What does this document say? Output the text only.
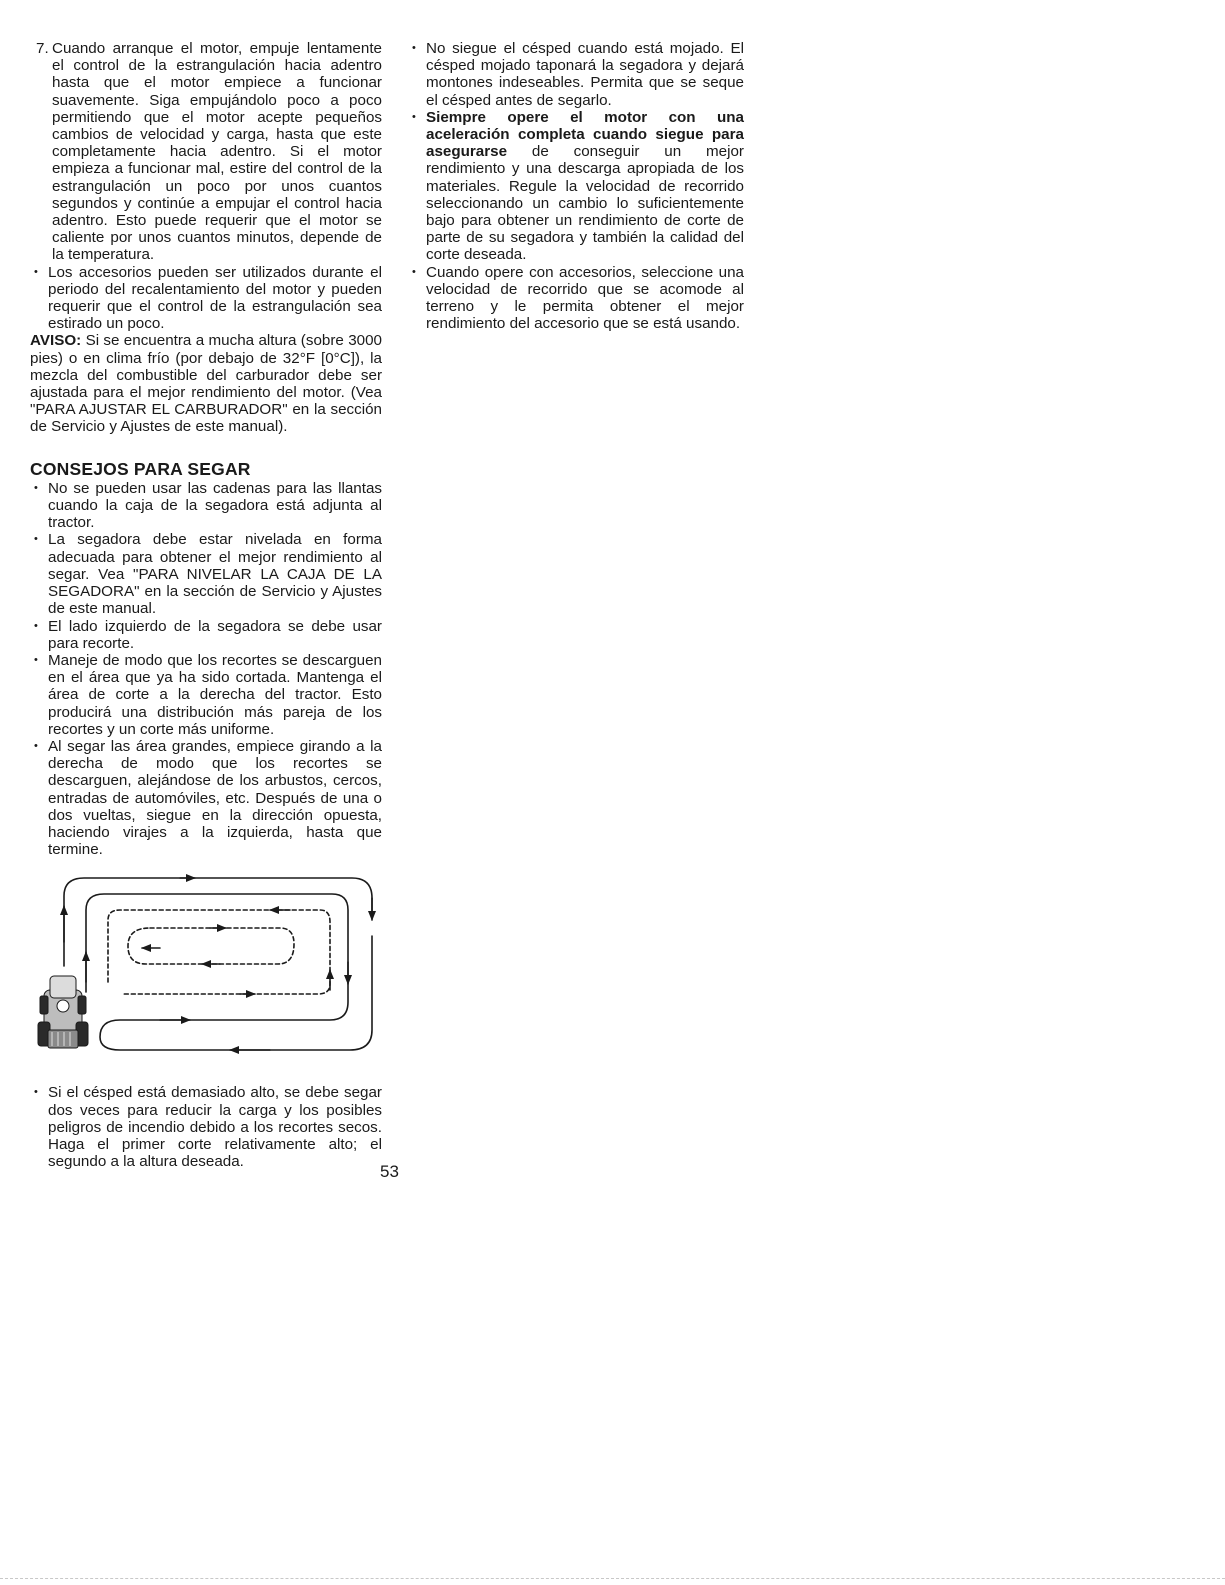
7. Cuando arranque el motor, empuje lentamente el control de la estrangulación hacia adentro hasta que el motor empiece a funcionar suavemente. Siga empujándolo poco a poco permitiendo que el motor acepte pequeños cambios de velocidad y carga, hasta que este completamente hacia adentro. Si el motor empieza a funcionar mal, estire del control de la estrangulación un poco por unos cuantos segundos y continúe a empujar el control hacia adentro. Esto puede requerir que el motor se caliente por unos cuantos minutos, depende de la temperatura.
• Los accesorios pueden ser utilizados durante el periodo del recalentamiento del motor y pueden requerir que el control de la estrangulación sea estirado un poco.

AVISO: Si se encuentra a mucha altura (sobre 3000 pies) o en clima frío (por debajo de 32°F [0°C]), la mezcla del combustible del carburador debe ser ajustada para el mejor rendimiento del motor. (Vea "PARA AJUSTAR EL CARBURADOR" en la sección de Servicio y Ajustes de este manual).

CONSEJOS PARA SEGAR
• No se pueden usar las cadenas para las llantas cuando la caja de la segadora está adjunta al tractor.
• La segadora debe estar nivelada en forma adecuada para obtener el mejor rendimiento al segar. Vea "PARA NIVELAR LA CAJA DE LA SEGADORA" en la sección de Servicio y Ajustes de este manual.
• El lado izquierdo de la segadora se debe usar para recorte.
• Maneje de modo que los recortes se descarguen en el área que ya ha sido cortada. Mantenga el área de corte a la derecha del tractor. Esto producirá una distribución más pareja de los recortes y un corte más uniforme.
• Al segar las área grandes, empiece girando a la derecha de modo que los recortes se descarguen, alejándose de los arbustos, cercos, entradas de automóviles, etc. Después de una o dos vueltas, siegue en la dirección opuesta, haciendo virajes a la izquierda, hasta que termine.
• Si el césped está demasiado alto, se debe segar dos veces para reducir la carga y los posibles peligros de incendio debido a los recortes secos. Haga el primer corte relativamente alto; el segundo a la altura deseada.
• No siegue el césped cuando está mojado. El césped mojado taponará la segadora y dejará montones indeseables. Permita que se seque el césped antes de segarlo.
• Siempre opere el motor con una aceleración completa cuando siegue para asegurarse de conseguir un mejor rendimiento y una descarga apropiada de los materiales. Regule la velocidad de recorrido seleccionando un cambio lo suficientemente bajo para obtener un rendimiento de corte de parte de su segadora y también la calidad del corte deseada.
• Cuando opere con accesorios, seleccione una velocidad de recorrido que se acomode al terreno y le permita obtener el mejor rendimiento del accesorio que se está usando.
53
